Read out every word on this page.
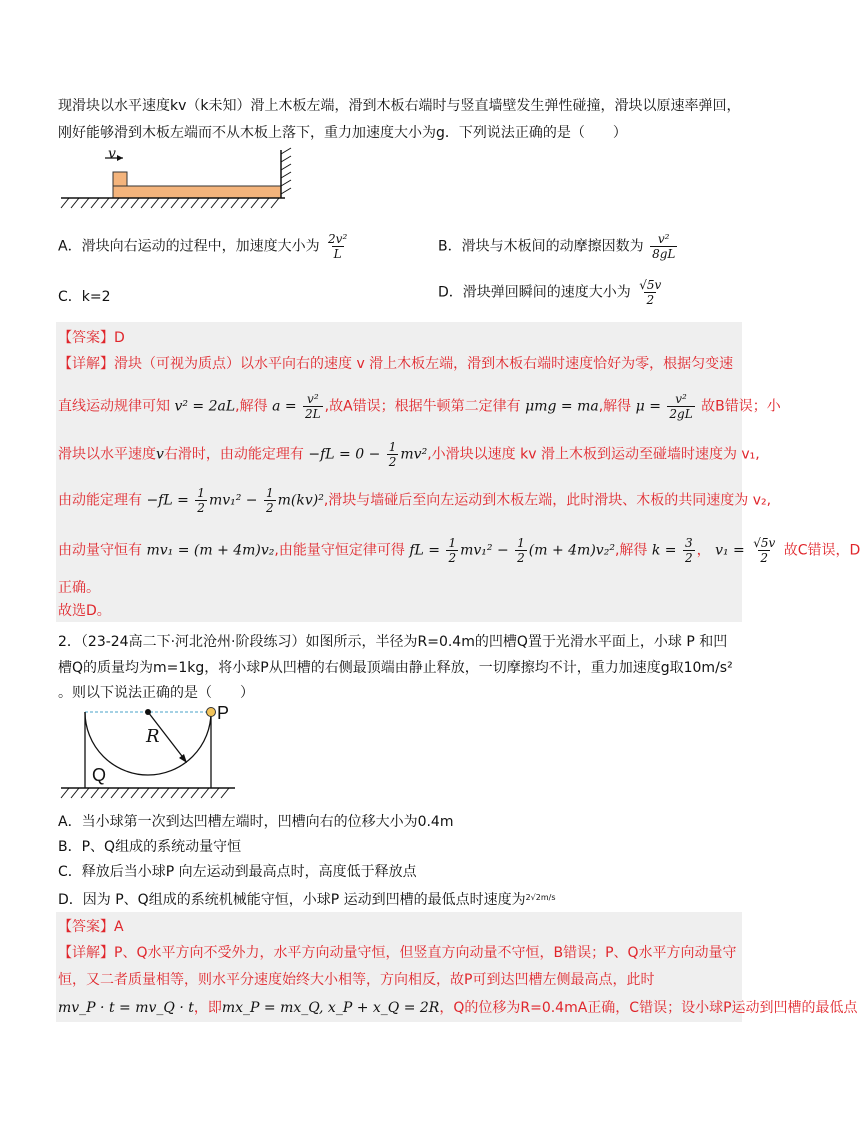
现滑块以水平速度kv（k未知）滑上木板左端，滑到木板右端时与竖直墙壁发生弹性碰撞，滑块以原速率弹回，
刚好能够滑到木板左端而不从木板上落下，重力加速度大小为g．下列说法正确的是（　　）
v
A．滑块向右运动的过程中，加速度大小为 $\frac{\text{2v²}}{L}$	B．滑块与木板间的动摩擦因数为 $\frac{\text{v²}}{8gL}$
C．k=2	D．滑块弹回瞬间的速度大小为 $\frac{√5v}{2}$
【答案】D
【详解】滑块（可视为质点）以水平向右的速度 v 滑上木板左端，滑到木板右端时速度恰好为零，根据匀变速
直线运动规律可知 v² = 2aL,解得 $a = \frac{\text{v²}}{2L}$ ,故A错误；根据牛顿第二定律有 μmg = ma,解得 $\mu = \frac{\text{v²}}{2gL}$ 故B错误；小
滑块以水平速度v右滑时，由动能定理有 $-fL = 0 - \frac{1}{2} mv^2$,小滑块以速度 kv 滑上木板到运动至碰墙时速度为 v₁,
由动能定理有 $-fL = \frac{1}{2} mv_1^2 - \frac{1}{2} m(kv)^2$,滑块与墙碰后至向左运动到木板左端，此时滑块、木板的共同速度为 v₂,
由动量守恒有 mv₁ = (m + 4m)v₂,由能量守恒定律可得 fL = $\frac{1}{2} mv_1^2 - \frac{1}{2} (m + 4m)v_2^2$,解得 $k = \frac{3}{2}$ ， $v_1 = \frac{√5v}{2}$ 故C错误，D
正确。
故选D。
2．（23-24高二下·河北沧州·阶段练习）如图所示，半径为R=0.4m的凹槽Q置于光滑水平面上，小球 P 和凹
槽Q的质量均为m=1kg，将小球P从凹槽的右侧最顶端由静止释放，一切摩擦均不计，重力加速度g取10m/s²
。则以下说法正确的是（　　）
R
P
Q
A．当小球第一次到达凹槽左端时，凹槽向右的位移大小为0.4m
B．P、Q组成的系统动量守恒
C．释放后当小球P 向左运动到最高点时，高度低于释放点
D．因为 P、Q组成的系统机械能守恒，小球P 运动到凹槽的最低点时速度为$^{2√2m/s}$
【答案】A
【详解】P、Q水平方向不受外力，水平方向动量守恒，但竖直方向动量不守恒，B错误；P、Q水平方向动量守
恒，又二者质量相等，则水平分速度始终大小相等，方向相反，故P可到达凹槽左侧最高点，此时
mv_P · t = mv_Q · t，即mx_P = mx_Q, x_P + x_Q = 2R，Q的位移为R=0.4mA正确，C错误；设小球P运动到凹槽的最低点
